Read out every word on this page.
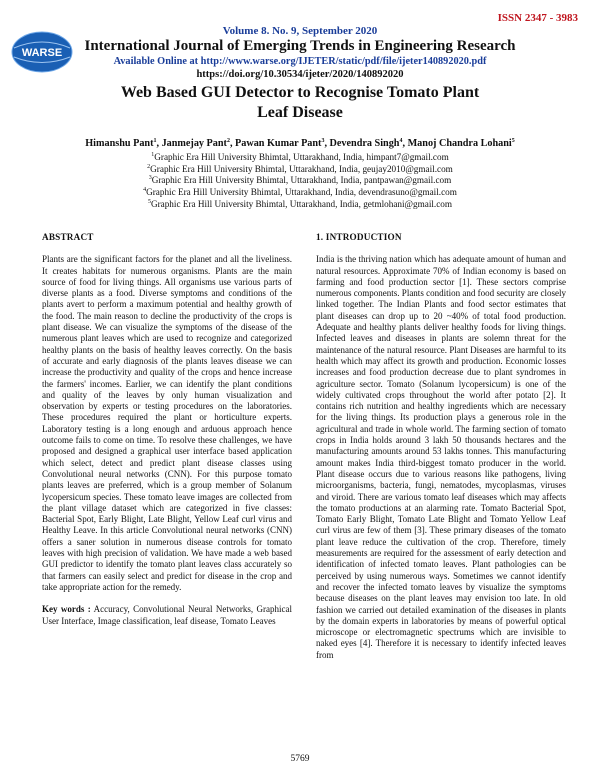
ISSN 2347 - 3983
WARSE
Volume 8. No. 9, September 2020
International Journal of Emerging Trends in Engineering Research
Available Online at http://www.warse.org/IJETER/static/pdf/file/ijeter140892020.pdf
https://doi.org/10.30534/ijeter/2020/140892020
Web Based GUI Detector to Recognise Tomato Plant
Leaf Disease
Himanshu Pant$^1$, Janmejay Pant$^2$, Pawan Kumar Pant$^3$, Devendra Singh$^4$, Manoj Chandra Lohani$^5$
$^1$Graphic Era Hill University Bhimtal, Uttarakhand, India, himpant7@gmail.com
$^2$Graphic Era Hill University Bhimtal, Uttarakhand, India, geujay2010@gmail.com
$^3$Graphic Era Hill University Bhimtal, Uttarakhand, India, pantpawan@gmail.com
$^4$Graphic Era Hill University Bhimtal, Uttarakhand, India, devendrasuno@gmail.com
$^5$Graphic Era Hill University Bhimtal, Uttarakhand, India, getmlohani@gmail.com
ABSTRACT

Plants are the significant factors for the planet and all the liveliness. It creates habitats for numerous organisms. Plants are the main source of food for living things. All organisms use various parts of diverse plants as a food. Diverse symptoms and conditions of the plants avert to perform a maximum potential and healthy growth of the food. The main reason to decline the productivity of the crops is plant disease. We can visualize the symptoms of the disease of the numerous plant leaves which are used to recognize and categorized healthy plants on the basis of healthy leaves correctly. On the basis of accurate and early diagnosis of the plants leaves disease we can increase the productivity and quality of the crops and hence increase the farmers' incomes. Earlier, we can identify the plant conditions and quality of the leaves by only human visualization and observation by experts or testing procedures on the laboratories. These procedures required the plant or horticulture experts. Laboratory testing is a long enough and arduous approach hence outcome fails to come on time. To resolve these challenges, we have proposed and designed a graphical user interface based application which select, detect and predict plant disease classes using Convolutional neural networks (CNN). For this purpose tomato plants leaves are preferred, which is a group member of Solanum lycopersicum species. These tomato leave images are collected from the plant village dataset which are categorized in five classes: Bacterial Spot, Early Blight, Late Blight, Yellow Leaf curl virus and Healthy Leave. In this article Convolutional neural networks (CNN) offers a saner solution in numerous disease controls for tomato leaves with high precision of validation. We have made a web based GUI predictor to identify the tomato plant leaves class accurately so that farmers can easily select and predict for disease in the crop and take appropriate action for the remedy.

Key words : Accuracy, Convolutional Neural Networks, Graphical User Interface, Image classification, leaf disease, Tomato Leaves
1. INTRODUCTION

India is the thriving nation which has adequate amount of human and natural resources. Approximate 70% of Indian economy is based on farming and food production sector [1]. These sectors comprise numerous components. Plants condition and food security are closely linked together. The Indian Plants and food sector estimates that plant diseases can drop up to 20 ~40% of total food production. Adequate and healthy plants deliver healthy foods for living things. Infected leaves and diseases in plants are solemn threat for the maintenance of the natural resource. Plant Diseases are harmful to its health which may affect its growth and production. Economic losses increases and food production decrease due to plant syndromes in agriculture sector. Tomato (Solanum lycopersicum) is one of the widely cultivated crops throughout the world after potato [2]. It contains rich nutrition and healthy ingredients which are necessary for the living things. Its production plays a generous role in the agricultural and trade in whole world. The farming section of tomato crops in India holds around 3 lakh 50 thousands hectares and the manufacturing amounts around 53 lakhs tonnes. This manufacturing amount makes India third-biggest tomato producer in the world. Plant disease occurs due to various reasons like pathogens, living microorganisms, bacteria, fungi, nematodes, mycoplasmas, viruses and viroid. There are various tomato leaf diseases which may affects the tomato productions at an alarming rate. Tomato Bacterial Spot, Tomato Early Blight, Tomato Late Blight and Tomato Yellow Leaf curl virus are few of them [3]. These primary diseases of the tomato plant leave reduce the cultivation of the crop. Therefore, timely measurements are required for the assessment of early detection and identification of infected tomato leaves. Plant pathologies can be perceived by using numerous ways. Sometimes we cannot identify and recover the infected tomato leaves by visualize the symptoms because diseases on the plant leaves may envision too late. In old fashion we carried out detailed examination of the diseases in plants by the domain experts in laboratories by means of powerful optical microscope or electromagnetic spectrums which are invisible to naked eyes [4]. Therefore it is necessary to identify infected leaves from

5769
